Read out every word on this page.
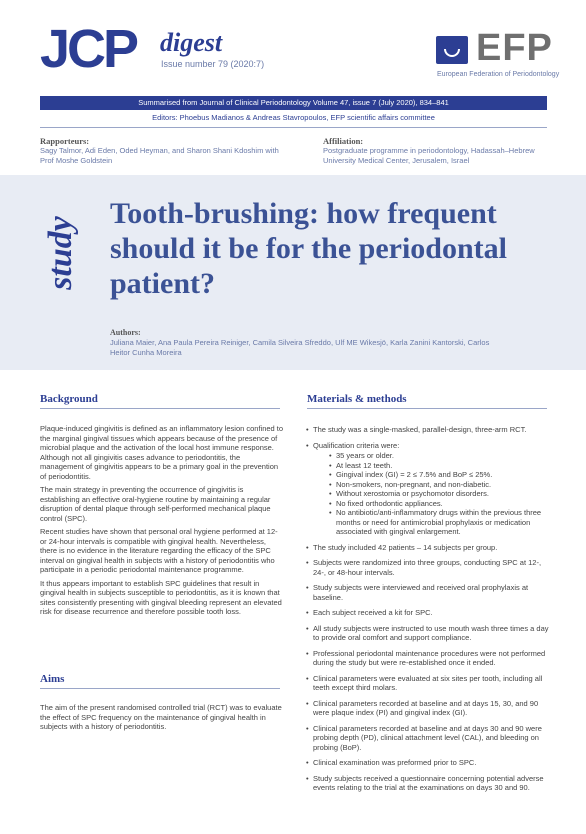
JCP digest
Issue number 79 (2020:7)	EFP
European Federation of Periodontology
Summarised from Journal of Clinical Periodontology Volume 47, issue 7 (July 2020), 834–841
Editors: Phoebus Madianos & Andreas Stavropoulos, EFP scientific affairs committee
Rapporteurs:
Sagy Talmor, Adi Eden, Oded Heyman, and Sharon Shani Kdoshim with Prof Moshe Goldstein
Affiliation:
Postgraduate programme in periodontology, Hadassah–Hebrew University Medical Center, Jerusalem, Israel
study
Tooth-brushing: how frequent should it be for the periodontal patient?
Authors:
Juliana Maier, Ana Paula Pereira Reiniger, Camila Silveira Sfreddo, Ulf ME Wikesjö, Karla Zanini Kantorski, Carlos Heitor Cunha Moreira
Background

Plaque-induced gingivitis is defined as an inflammatory lesion confined to the marginal gingival tissues which appears because of the presence of microbial plaque and the activation of the local host immune response. Although not all gingivitis cases advance to periodontitis, the management of gingivitis appears to be a primary goal in the prevention of periodontitis.

The main strategy in preventing the occurrence of gingivitis is establishing an effective oral-hygiene routine by maintaining a regular disruption of dental plaque through self-performed mechanical plaque control (SPC).

Recent studies have shown that personal oral hygiene performed at 12- or 24-hour intervals is compatible with gingival health. Nevertheless, there is no evidence in the literature regarding the efficacy of the SPC interval on gingival health in subjects with a history of periodontitis who participate in a periodic periodontal maintenance programme.

It thus appears important to establish SPC guidelines that result in gingival health in subjects susceptible to periodontitis, as it is known that sites consistently presenting with gingival bleeding represent an elevated risk for disease recurrence and therefore possible tooth loss.

Aims
The aim of the present randomised controlled trial (RCT) was to evaluate the effect of SPC frequency on the maintenance of gingival health in subjects with a history of periodontitis.
Materials & methods
• The study was a single-masked, parallel-design, three-arm RCT.
• Qualification criteria were:
• 35 years or older.
• At least 12 teeth.
• Gingival index (GI) = 2 ≤ 7.5% and BoP ≤ 25%.
• Non-smokers, non-pregnant, and non-diabetic.
• Without xerostomia or psychomotor disorders.
• No fixed orthodontic appliances.
• No antibiotic/anti-inflammatory drugs within the previous three months or need for antimicrobial prophylaxis or medication associated with gingival enlargement.
• The study included 42 patients – 14 subjects per group.
• Subjects were randomized into three groups, conducting SPC at 12-, 24-, or 48-hour intervals.
• Study subjects were interviewed and received oral prophylaxis at baseline.
• Each subject received a kit for SPC.
• All study subjects were instructed to use mouth wash three times a day to provide oral comfort and support compliance.
• Professional periodontal maintenance procedures were not performed during the study but were re-established once it ended.
• Clinical parameters were evaluated at six sites per tooth, including all teeth except third molars.
• Clinical parameters recorded at baseline and at days 15, 30, and 90 were plaque index (PI) and gingival index (GI).
• Clinical parameters recorded at baseline and at days 30 and 90 were probing depth (PD), clinical attachment level (CAL), and bleeding on probing (BoP).
• Clinical examination was preformed prior to SPC.
• Study subjects received a questionnaire concerning potential adverse events relating to the trial at the examinations on days 30 and 90.
